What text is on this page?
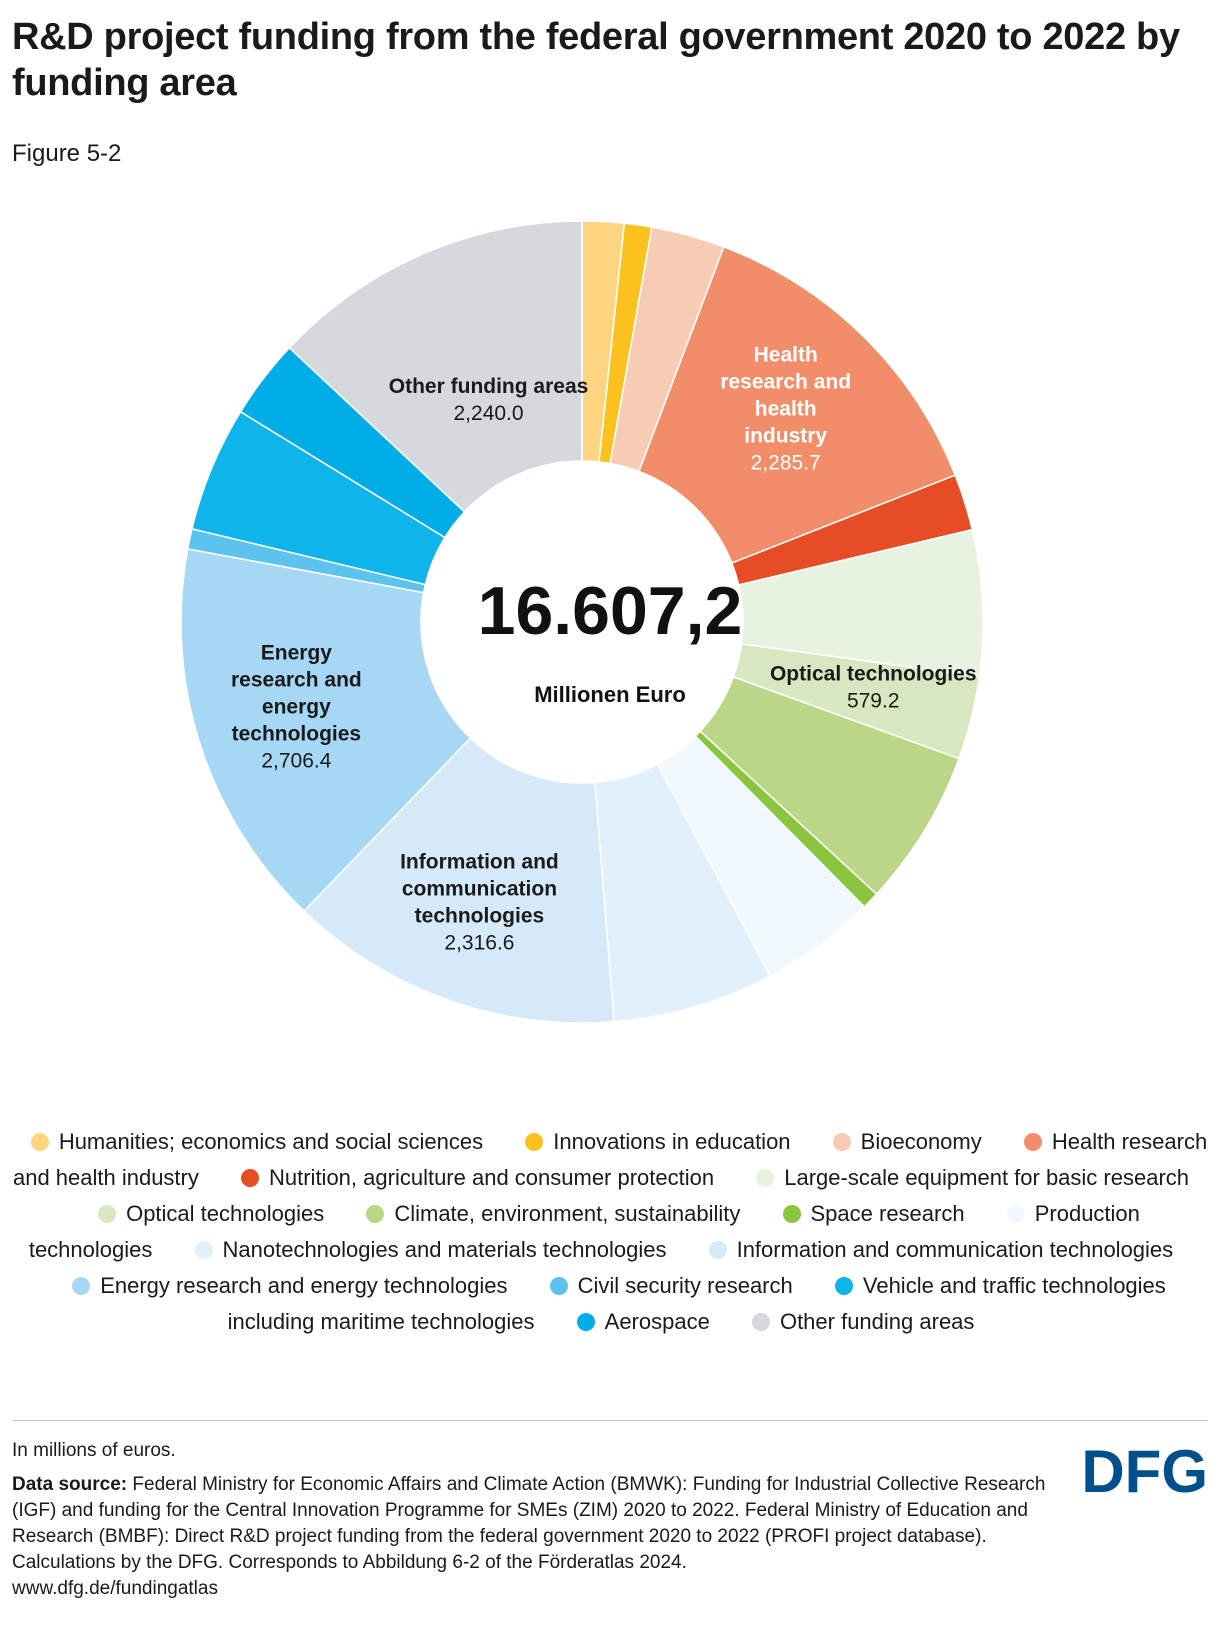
R&D project funding from the federal government 2020 to 2022 by funding area
Figure 5-2
Health research and health industry 2,285.7
Optical technologies 579.2
Information and communication technologies 2,316.6
Energy research and energy technologies 2,706.4
Other funding areas 2,240.0
16.607,2
Millionen Euro
Humanities; economics and social sciences	Innovations in education	Bioeconomy	Health research and health industry	Nutrition, agriculture and consumer protection	Large-scale equipment for basic research Optical technologies	Climate, environment, sustainability	Space research	Production technologies	Nanotechnologies and materials technologies	Information and communication technologies Energy research and energy technologies	Civil security research	Vehicle and traffic technologies including maritime technologies	Aerospace	Other funding areas

In millions of euros.

Data source: Federal Ministry for Economic Affairs and Climate Action (BMWK): Funding for Industrial Collective Research (IGF) and funding for the Central Innovation Programme for SMEs (ZIM) 2020 to 2022. Federal Ministry of Education and Research (BMBF): Direct R&D project funding from the federal government 2020 to 2022 (PROFI project database). Calculations by the DFG. Corresponds to Abbildung 6-2 of the Förderatlas 2024.
www.dfg.de/fundingatlas

DFG
